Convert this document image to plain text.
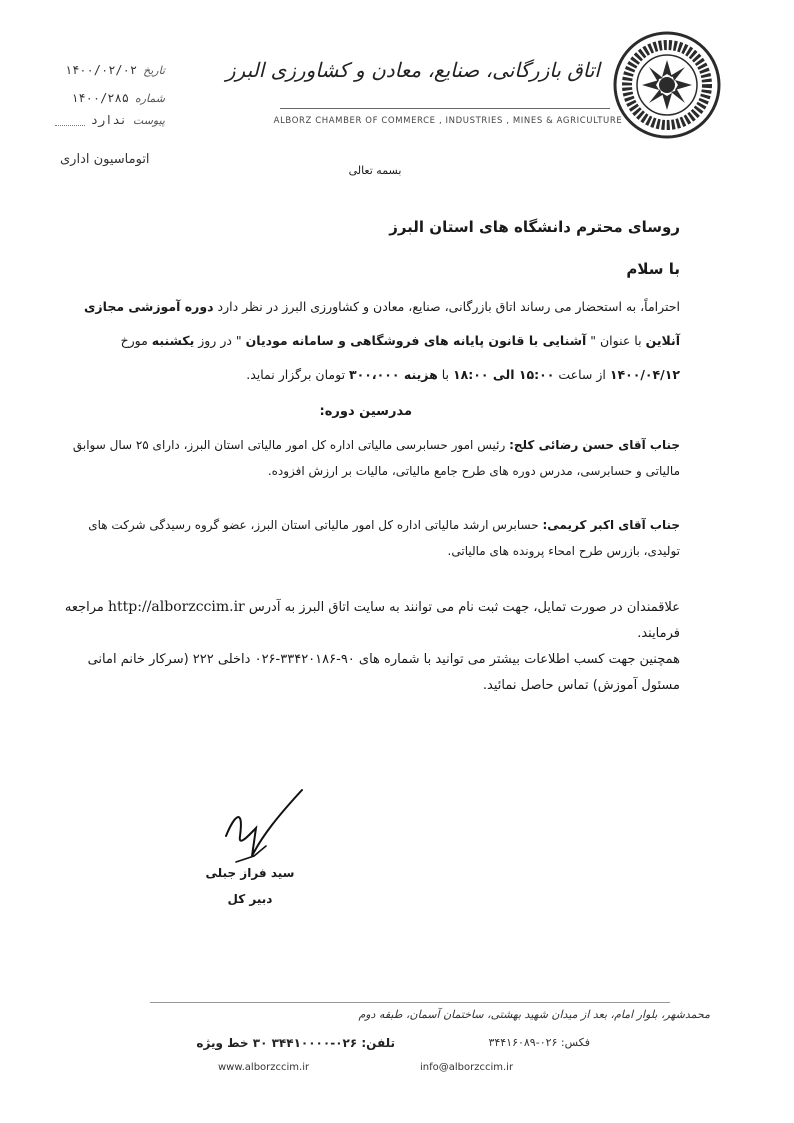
اتاق بازرگانی، صنایع، معادن و کشاورزی البرز
ALBORZ CHAMBER OF COMMERCE , INDUSTRIES , MINES & AGRICULTURE
تاریخ
۱۴۰۰/۰۲/۰۲
شماره
۱۴۰۰/۲۸۵
پیوست
ندارد
اتوماسیون اداری
بسمه تعالی
روسای محترم دانشگاه های استان البرز
با سلام
احتراماً، به استحضار می رساند اتاق بازرگانی، صنایع، معادن و کشاورزی البرز در نظر دارد دوره آموزشی مجازی آنلاین با عنوان " آشنایی با قانون پایانه های فروشگاهی و سامانه مودیان " در روز یکشنبه مورخ ۱۴۰۰/۰۴/۱۲ از ساعت ۱۵:۰۰ الی ۱۸:۰۰ با هزینه ۳۰۰،۰۰۰ تومان برگزار نماید.
مدرسین دوره:
جناب آقای حسن رضائی کلج: رئیس امور حسابرسی مالیاتی اداره کل امور مالیاتی استان البرز، دارای ۲۵ سال سوابق مالیاتی و حسابرسی، مدرس دوره های طرح جامع مالیاتی، مالیات بر ارزش افزوده.
جناب آقای اکبر کریمی: حسابرس ارشد مالیاتی اداره کل امور مالیاتی استان البرز، عضو گروه رسیدگی شرکت های تولیدی، بازرس طرح امحاء پرونده های مالیاتی.
علاقمندان در صورت تمایل، جهت ثبت نام می توانند به سایت اتاق البرز به آدرس http://alborzccim.ir مراجعه فرمایند.
همچنین جهت کسب اطلاعات بیشتر می توانید با شماره های ۹۰-۳۳۴۲۰۱۸۶-۰۲۶ داخلی ۲۲۲ (سرکار خانم امانی مسئول آموزش) تماس حاصل نمائید.
سید فراز جبلی
دبیر کل
محمدشهر، بلوار امام، بعد از میدان شهید بهشتی، ساختمان آسمان، طبقه دوم
تلفن: ۰۲۶-۳۴۴۱۰۰۰۰ ۳۰ خط ویژه	فکس: ۰۲۶-۳۴۴۱۶۰۸۹
www.alborzccim.ir	info@alborzccim.ir
